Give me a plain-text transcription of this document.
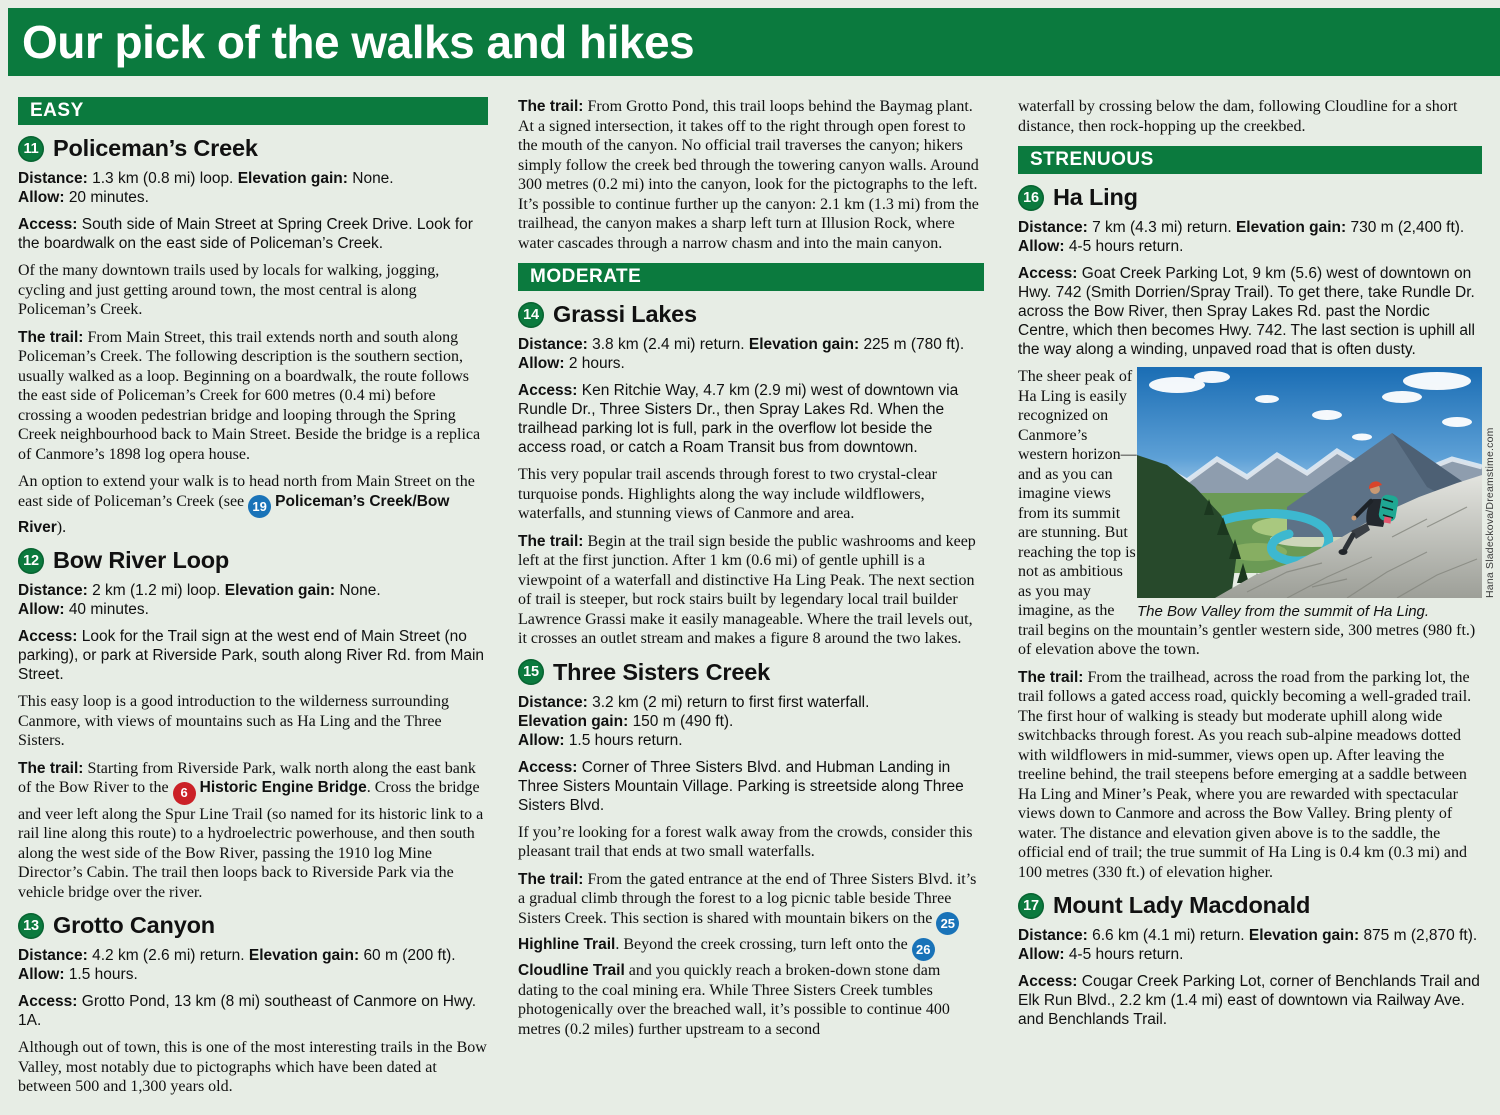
Our pick of the walks and hikes
EASY
11 Policeman’s Creek

Distance: 1.3 km (0.8 mi) loop. Elevation gain: None.
Allow: 20 minutes.

Access: South side of Main Street at Spring Creek Drive. Look for the boardwalk on the east side of Policeman’s Creek.

Of the many downtown trails used by locals for walking, jogging, cycling and just getting around town, the most central is along Policeman’s Creek.

The trail: From Main Street, this trail extends north and south along Policeman’s Creek. The following description is the southern section, usually walked as a loop. Beginning on a boardwalk, the route follows the east side of Policeman’s Creek for 600 metres (0.4 mi) before crossing a wooden pedestrian bridge and looping through the Spring Creek neighbourhood back to Main Street. Beside the bridge is a replica of Canmore’s 1898 log opera house.

An option to extend your walk is to head north from Main Street on the east side of Policeman’s Creek (see 19 Policeman’s Creek/Bow River).

12 Bow River Loop

Distance: 2 km (1.2 mi) loop. Elevation gain: None.
Allow: 40 minutes.

Access: Look for the Trail sign at the west end of Main Street (no parking), or park at Riverside Park, south along River Rd. from Main Street.

This easy loop is a good introduction to the wilderness surrounding Canmore, with views of mountains such as Ha Ling and the Three Sisters.

The trail: Starting from Riverside Park, walk north along the east bank of the Bow River to the 6 Historic Engine Bridge. Cross the bridge and veer left along the Spur Line Trail (so named for its historic link to a rail line along this route) to a hydroelectric powerhouse, and then south along the west side of the Bow River, passing the 1910 log Mine Director’s Cabin. The trail then loops back to Riverside Park via the vehicle bridge over the river.

13 Grotto Canyon

Distance: 4.2 km (2.6 mi) return. Elevation gain: 60 m (200 ft).
Allow: 1.5 hours.

Access: Grotto Pond, 13 km (8 mi) southeast of Canmore on Hwy. 1A.

Although out of town, this is one of the most interesting trails in the Bow Valley, most notably due to pictographs which have been dated at between 500 and 1,300 years old.

The trail: From Grotto Pond, this trail loops behind the Baymag plant. At a signed intersection, it takes off to the right through open forest to the mouth of the canyon. No official trail traverses the canyon; hikers simply follow the creek bed through the towering canyon walls. Around 300 metres (0.2 mi) into the canyon, look for the pictographs to the left. It’s possible to continue further up the canyon: 2.1 km (1.3 mi) from the trailhead, the canyon makes a sharp left turn at Illusion Rock, where water cascades through a narrow chasm and into the main canyon.

MODERATE
14 Grassi Lakes

Distance: 3.8 km (2.4 mi) return. Elevation gain: 225 m (780 ft).
Allow: 2 hours.

Access: Ken Ritchie Way, 4.7 km (2.9 mi) west of downtown via Rundle Dr., Three Sisters Dr., then Spray Lakes Rd. When the trailhead parking lot is full, park in the overflow lot beside the access road, or catch a Roam Transit bus from downtown.

This very popular trail ascends through forest to two crystal-clear turquoise ponds. Highlights along the way include wildflowers, waterfalls, and stunning views of Canmore and area.

The trail: Begin at the trail sign beside the public washrooms and keep left at the first junction. After 1 km (0.6 mi) of gentle uphill is a viewpoint of a waterfall and distinctive Ha Ling Peak. The next section of trail is steeper, but rock stairs built by legendary local trail builder Lawrence Grassi make it easily manageable. Where the trail levels out, it crosses an outlet stream and makes a figure 8 around the two lakes.

15 Three Sisters Creek

Distance: 3.2 km (2 mi) return to first first waterfall.
Elevation gain: 150 m (490 ft).
Allow: 1.5 hours return.

Access: Corner of Three Sisters Blvd. and Hubman Landing in Three Sisters Mountain Village. Parking is streetside along Three Sisters Blvd.

If you’re looking for a forest walk away from the crowds, consider this pleasant trail that ends at two small waterfalls.

The trail: From the gated entrance at the end of Three Sisters Blvd. it’s a gradual climb through the forest to a log picnic table beside Three Sisters Creek. This section is shared with mountain bikers on the 25 Highline Trail. Beyond the creek crossing, turn left onto the 26 Cloudline Trail and you quickly reach a broken-down stone dam dating to the coal mining era. While Three Sisters Creek tumbles photogenically over the breached wall, it’s possible to continue 400 metres (0.2 miles) further upstream to a second

waterfall by crossing below the dam, following Cloudline for a short distance, then rock-hopping up the creekbed.

STRENUOUS
16 Ha Ling

Distance: 7 km (4.3 mi) return. Elevation gain: 730 m (2,400 ft).
Allow: 4-5 hours return.

Access: Goat Creek Parking Lot, 9 km (5.6) west of downtown on Hwy. 742 (Smith Dorrien/Spray Trail). To get there, take Rundle Dr. across the Bow River, then Spray Lakes Rd. past the Nordic Centre, which then becomes Hwy. 742. The last section is uphill all the way along a winding, unpaved road that is often dusty.

Hana Sladeckova/Dreamstime.com
The Bow Valley from the summit of Ha Ling.

The sheer peak of Ha Ling is easily recognized on Canmore’s western horizon—and as you can imagine views from its summit are stunning. But reaching the top is not as ambitious as you may imagine, as the trail begins on the mountain’s gentler western side, 300 metres (980 ft.) of elevation above the town.

The trail: From the trailhead, across the road from the parking lot, the trail follows a gated access road, quickly becoming a well-graded trail. The first hour of walking is steady but moderate uphill along wide switchbacks through forest. As you reach sub-alpine meadows dotted with wildflowers in mid-summer, views open up. After leaving the treeline behind, the trail steepens before emerging at a saddle between Ha Ling and Miner’s Peak, where you are rewarded with spectacular views down to Canmore and across the Bow Valley. Bring plenty of water. The distance and elevation given above is to the saddle, the official end of trail; the true summit of Ha Ling is 0.4 km (0.3 mi) and 100 metres (330 ft.) of elevation higher.

17 Mount Lady Macdonald

Distance: 6.6 km (4.1 mi) return. Elevation gain: 875 m (2,870 ft).
Allow: 4-5 hours return.

Access: Cougar Creek Parking Lot, corner of Benchlands Trail and Elk Run Blvd., 2.2 km (1.4 mi) east of downtown via Railway Ave. and Benchlands Trail.
